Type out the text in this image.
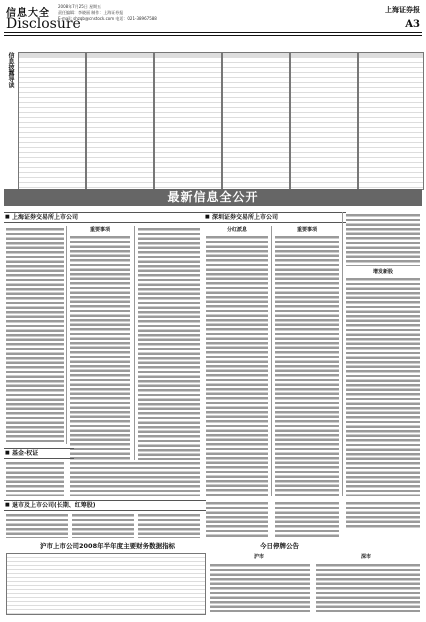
信息大全
Disclosure
2008年7月25日 星期五
责任编辑：李晓丽 制作：上海证券报
E-mail: shzqb@cnstock.com 电话：021-38967588
上海证券报
A3
信息披露导读
最新信息全公开
■ 上海证券交易所上市公司
重要事项
■ 深圳证券交易所上市公司
分红派息	重要事项
增发新股
■ 基金·权证
■ 退市及上市公司(长期、红筹股)
今日停牌公告
沪市	深市
沪市上市公司2008年半年度主要财务数据指标
